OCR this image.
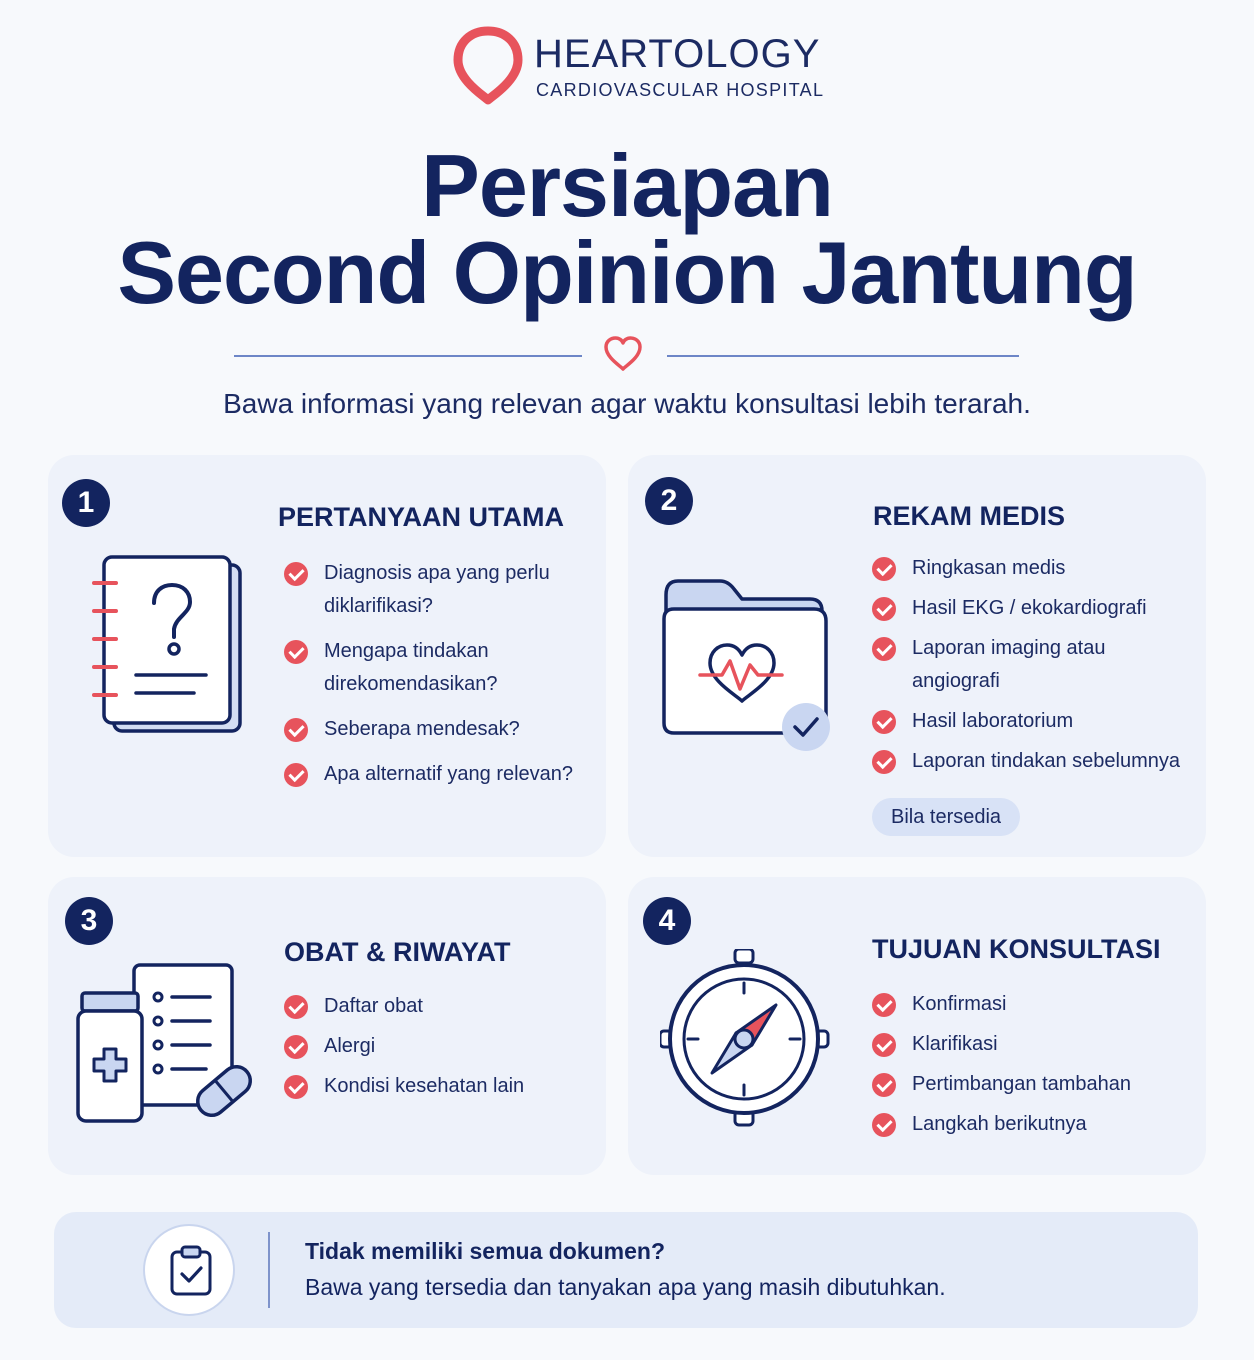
HEARTOLOGY
CARDIOVASCULAR HOSPITAL
Persiapan
Second Opinion Jantung
Bawa informasi yang relevan agar waktu konsultasi lebih terarah.
1	PERTANYAAN UTAMA
Diagnosis apa yang perlu diklarifikasi?
Mengapa tindakan direkomendasikan?
Seberapa mendesak?
Apa alternatif yang relevan?
2	REKAM MEDIS
Ringkasan medis
Hasil EKG / ekokardiografi
Laporan imaging atau angiografi
Hasil laboratorium
Laporan tindakan sebelumnya
Bila tersedia
3
OBAT & RIWAYAT
Daftar obat
Alergi
Kondisi kesehatan lain
4
TUJUAN KONSULTASI
Konfirmasi
Klarifikasi
Pertimbangan tambahan
Langkah berikutnya
Tidak memiliki semua dokumen?
Bawa yang tersedia dan tanyakan apa yang masih dibutuhkan.
